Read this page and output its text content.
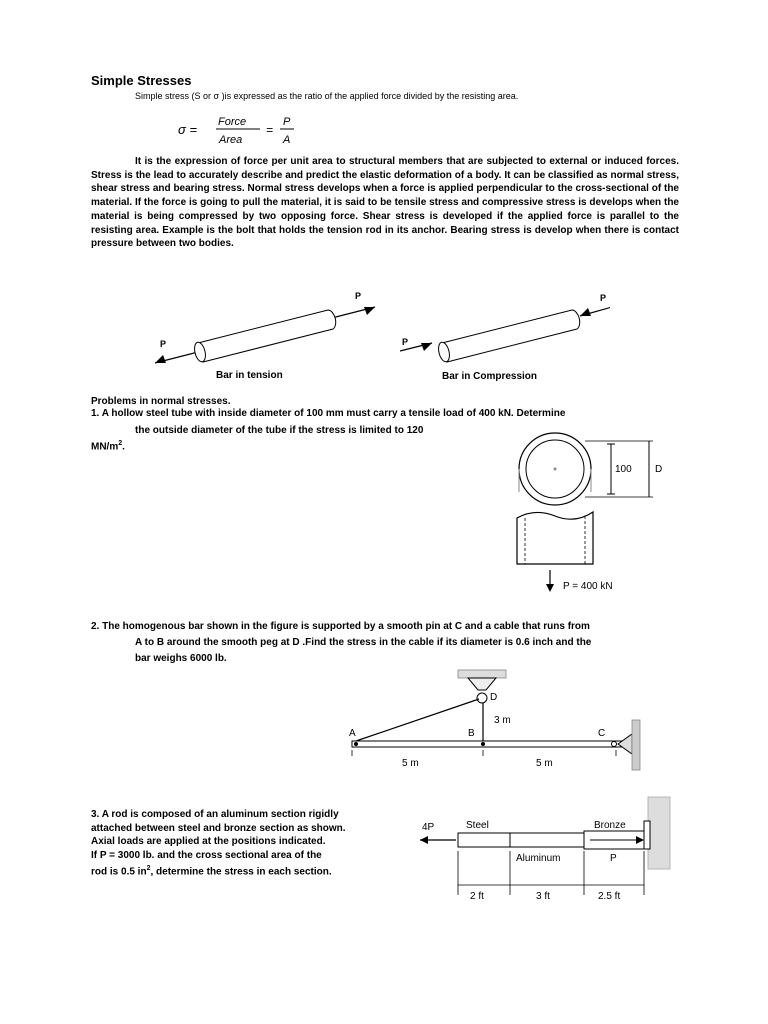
Simple Stresses
Simple stress (S or σ )is expressed as the ratio of the applied force divided by the resisting area.
σ = Force
Area
=
P
A
It is the expression of force per unit area to structural members that are subjected to external or induced forces. Stress is the lead to accurately describe and predict the elastic deformation of a body. It can be classified as normal stress, shear stress and bearing stress. Normal stress develops when a force is applied perpendicular to the cross-sectional of the material. If the force is going to pull the material, it is said to be tensile stress and compressive stress is develops when the material is being compressed by two opposing force. Shear stress is developed if the applied force is parallel to the resisting area. Example is the bolt that holds the tension rod in its anchor. Bearing stress is develop when there is contact pressure between two bodies.
P
P
P
P
Bar in tension	Bar in Compression
Problems in normal stresses.
1. A hollow steel tube with inside diameter of 100 mm must carry a tensile load of 400 kN. Determine
the outside diameter of the tube if the stress is limited to 120
$MN/m^2$.
100 D
P = 400 kN
2. The homogenous bar shown in the figure is supported by a smooth pin at C and a cable that runs from
A to B around the smooth peg at D .Find the stress in the cable if its diameter is 0.6 inch and the
bar weighs 6000 lb.
D
3 m
A	B	C
5 m	5 m
3. A rod is composed of an aluminum section rigidly
attached between steel and bronze section as shown.
Axial loads are applied at the positions indicated.
If P = 3000 lb. and the cross sectional area of the
rod is 0.5 $in^2$, determine the stress in each section.
4P	Steel	Bronze
Aluminum	P
2 ft	3 ft	2.5 ft
